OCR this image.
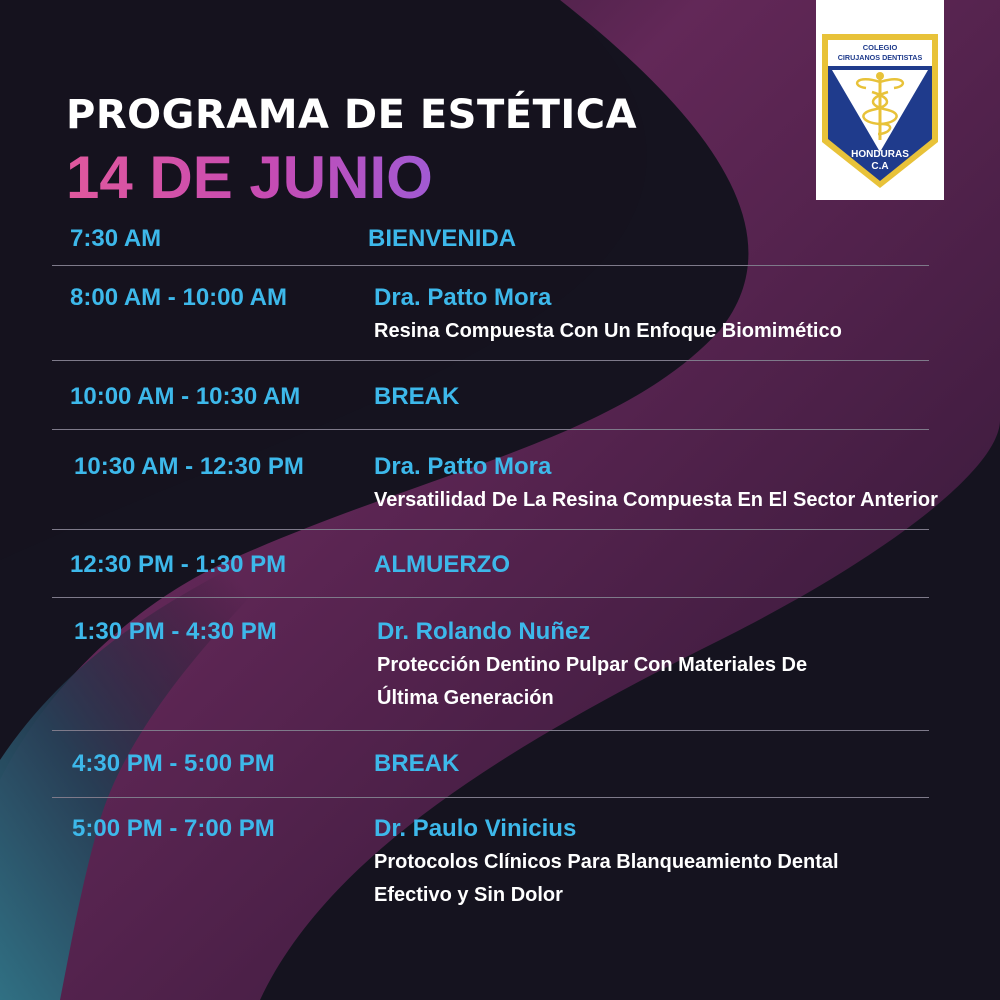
PROGRAMA DE ESTÉTICA
14 DE JUNIO
COLEGIO
CIRUJANOS DENTISTAS
HONDURAS
C.A
7:30 AM	BIENVENIDA
8:00 AM - 10:00 AM	Dra. Patto Mora
Resina Compuesta Con Un Enfoque Biomimético
10:00 AM - 10:30 AM	BREAK
10:30 AM - 12:30 PM	Dra. Patto Mora
Versatilidad De La Resina Compuesta En El Sector Anterior
12:30 PM - 1:30 PM	ALMUERZO
1:30 PM - 4:30 PM	Dr. Rolando Nuñez
Protección Dentino Pulpar Con Materiales De Última Generación
4:30 PM - 5:00 PM	BREAK
5:00 PM - 7:00 PM	Dr. Paulo Vinicius
Protocolos Clínicos Para Blanqueamiento Dental Efectivo y Sin Dolor
